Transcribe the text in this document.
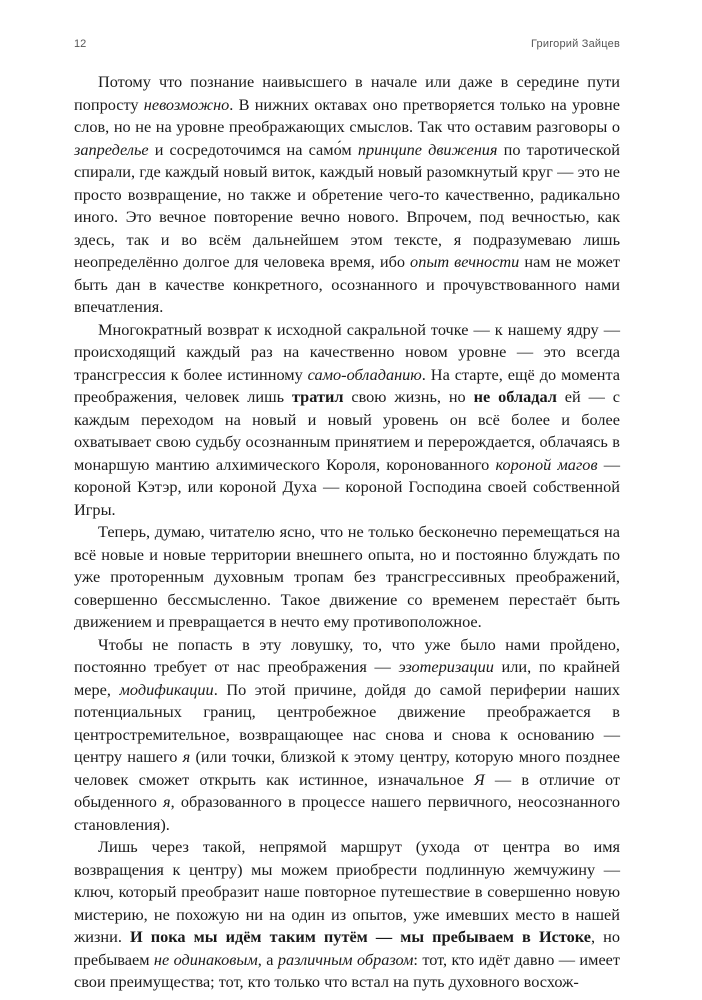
12	Григорий Зайцев

Потому что познание наивысшего в начале или даже в середине пути попросту невозможно. В нижних октавах оно претворяется только на уровне слов, но не на уровне преображающих смыслов. Так что оставим разговоры о запредельe и сосредоточимся на само́м принципе движения по таротической спирали, где каждый новый виток, каждый новый разомкнутый круг — это не просто возвращение, но также и обретение чего-то качественно, радикально иного. Это вечное повторение вечно нового. Впрочем, под вечностью, как здесь, так и во всём дальнейшем этом тексте, я подразумеваю лишь неопределённо долгое для человека время, ибо опыт вечности нам не может быть дан в качестве конкретного, осознанного и прочувствованного нами впечатления.

Многократный возврат к исходной сакральной точке — к нашему ядру — происходящий каждый раз на качественно новом уровне — это всегда трансгрессия к более истинному само-обладанию. На старте, ещё до момента преображения, человек лишь тратил свою жизнь, но не обладал ей — с каждым переходом на новый и новый уровень он всё более и более охватывает свою судьбу осознанным принятием и перерождается, облачаясь в монаршую мантию алхимического Короля, коронованного короной магов — короной Кэтэр, или короной Духа — короной Господина своей собственной Игры.

Теперь, думаю, читателю ясно, что не только бесконечно перемещаться на всё новые и новые территории внешнего опыта, но и постоянно блуждать по уже проторенным духовным тропам без трансгрессивных преображений, совершенно бессмысленно. Такое движение со временем перестаёт быть движением и превращается в нечто ему противоположное.

Чтобы не попасть в эту ловушку, то, что уже было нами пройдено, постоянно требует от нас преображения — эзотеризации или, по крайней мере, модификации. По этой причине, дойдя до самой периферии наших потенциальных границ, центробежное движение преображается в центростремительное, возвращающее нас снова и снова к основанию — центру нашего я (или точки, близкой к этому центру, которую много позднее человек сможет открыть как истинное, изначальное Я — в отличие от обыденного я, образованного в процессе нашего первичного, неосознанного становления).

Лишь через такой, непрямой маршрут (ухода от центра во имя возвращения к центру) мы можем приобрести подлинную жемчужину — ключ, который преобразит наше повторное путешествие в совершенно новую мистерию, не похожую ни на один из опытов, уже имевших место в нашей жизни. И пока мы идём таким путём — мы пребываем в Истоке, но пребываем не одинаковым, а различным образом: тот, кто идёт давно — имеет свои преимущества; тот, кто только что встал на путь духовного восхож-
